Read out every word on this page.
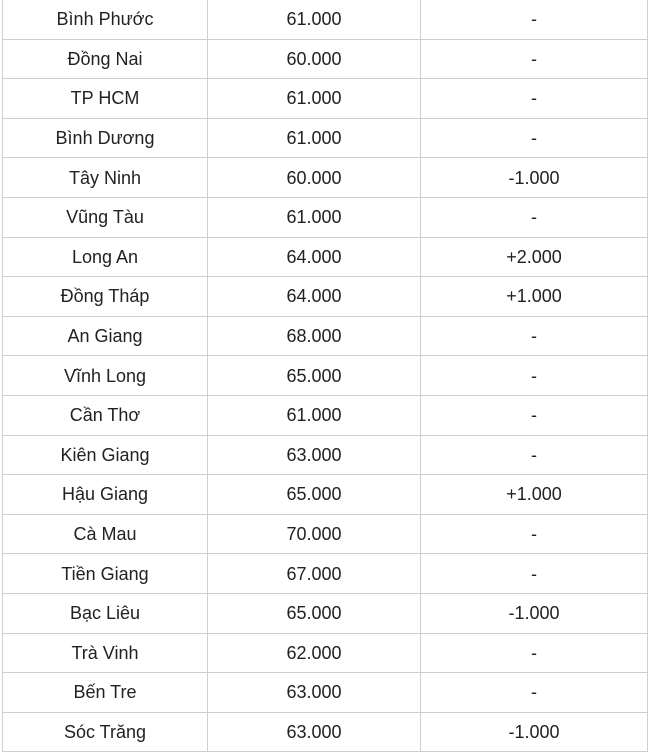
Bình Phước	61.000	-
Đồng Nai	60.000	-
TP HCM	61.000	-
Bình Dương	61.000	-
Tây Ninh	60.000	-1.000
Vũng Tàu	61.000	-
Long An	64.000	+2.000
Đồng Tháp	64.000	+1.000
An Giang	68.000	-
Vĩnh Long	65.000	-
Cần Thơ	61.000	-
Kiên Giang	63.000	-
Hậu Giang	65.000	+1.000
Cà Mau	70.000	-
Tiền Giang	67.000	-
Bạc Liêu	65.000	-1.000
Trà Vinh	62.000	-
Bến Tre	63.000	-
Sóc Trăng	63.000	-1.000
